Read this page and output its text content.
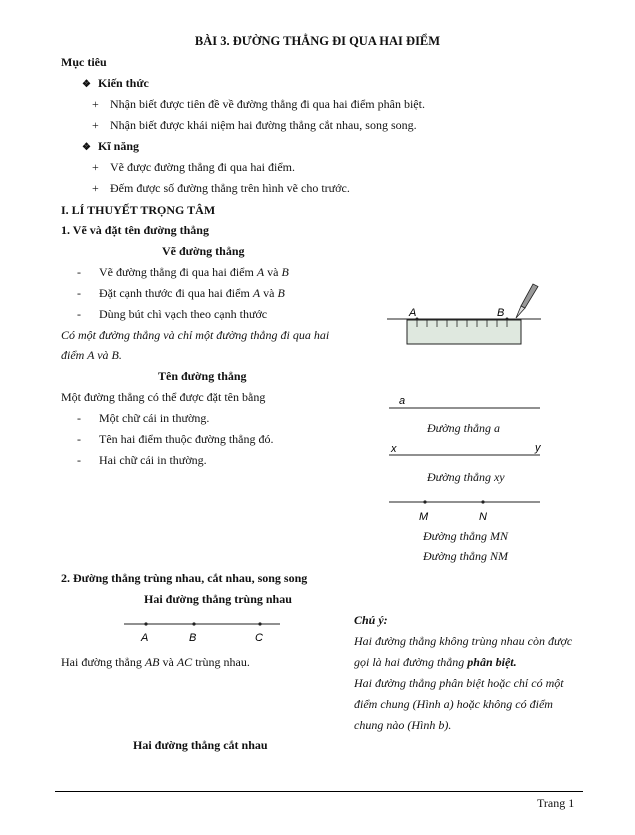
BÀI 3. ĐƯỜNG THẲNG ĐI QUA HAI ĐIỂM
Mục tiêu
❖ Kiến thức
+ Nhận biết được tiên đề về đường thẳng đi qua hai điểm phân biệt.
+ Nhận biết được khái niệm hai đường thẳng cắt nhau, song song.
❖ Kĩ năng
+ Vẽ được đường thẳng đi qua hai điểm.
+ Đếm được số đường thẳng trên hình vẽ cho trước.
I. LÍ THUYẾT TRỌNG TÂM
1. Vẽ và đặt tên đường thẳng
Vẽ đường thẳng
- Vẽ đường thẳng đi qua hai điểm A và B
- Đặt cạnh thước đi qua hai điểm A và B
- Dùng bút chì vạch theo cạnh thước
Có một đường thẳng và chỉ một đường thẳng đi qua hai
điểm A và B.
A	B
Tên đường thẳng
Một đường thẳng có thể được đặt tên bằng
- Một chữ cái in thường.
- Tên hai điểm thuộc đường thẳng đó.
- Hai chữ cái in thường.
a
Đường thẳng a
x	y
Đường thẳng xy
M	N
Đường thẳng MN
Đường thẳng NM
2. Đường thẳng trùng nhau, cắt nhau, song song
Hai đường thẳng trùng nhau
A	B	C
Hai đường thẳng AB và AC trùng nhau.
Chú ý:
Hai đường thẳng không trùng nhau còn được
gọi là hai đường thẳng phân biệt.
Hai đường thẳng phân biệt hoặc chỉ có một
điểm chung (Hình a) hoặc không có điểm
chung nào (Hình b).
Hai đường thẳng cắt nhau
Trang 1
